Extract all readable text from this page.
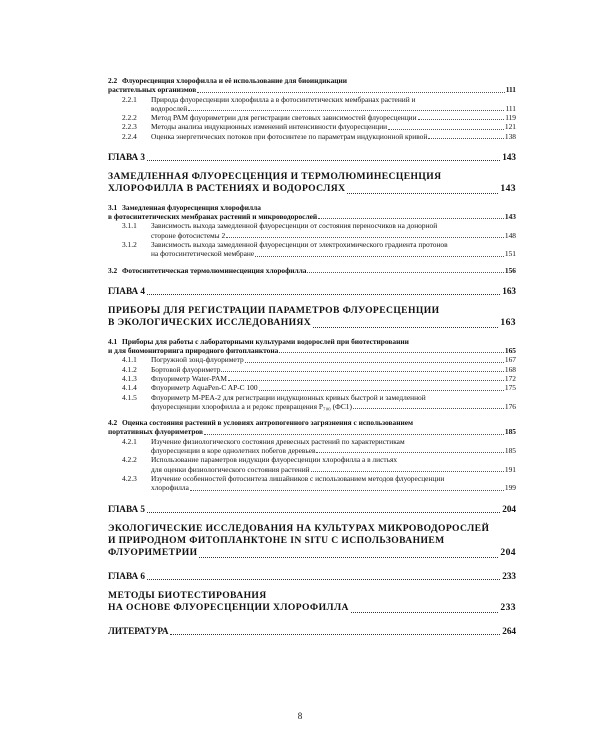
2.2 Флуоресценция хлорофилла и её использование для биоиндикации
растительных организмов	111
2.2.1 Природа флуоресценции хлорофилла a в фотосинтетических мембранах растений и
водорослей	111
2.2.2 Метод РАМ флуориметрии для регистрации световых зависимостей флуоресценции	119
2.2.3 Методы анализа индукционных изменений интенсивности флуоресценции	121
2.2.4 Оценка энергетических потоков при фотосинтезе по параметрам индукционной кривой	138
ГЛАВА 3	143
ЗАМЕДЛЕННАЯ ФЛУОРЕСЦЕНЦИЯ И ТЕРМОЛЮМИНЕСЦЕНЦИЯ
ХЛОРОФИЛЛА В РАСТЕНИЯХ И ВОДОРОСЛЯХ	143
3.1 Замедленная флуоресценция хлорофилла
в фотосинтетических мембранах растений и микроводорослей	143
3.1.1 Зависимость выхода замедленной флуоресценции от состояния переносчиков на донорной
стороне фотосистемы 2	148
3.1.2 Зависимость выхода замедленной флуоресценции от электрохимического градиента протонов
на фотосинтетической мембране	151
3.2 Фотосинтетическая термолюминесценция хлорофилла	156
ГЛАВА 4	163
ПРИБОРЫ ДЛЯ РЕГИСТРАЦИИ ПАРАМЕТРОВ ФЛУОРЕСЦЕНЦИИ
В ЭКОЛОГИЧЕСКИХ ИССЛЕДОВАНИЯХ	163
4.1 Приборы для работы с лабораторными культурами водорослей при биотестировании
и для биомониторинга природного фитопланктона	165
4.1.1 Погружной зонд-флуориметр	167
4.1.2 Бортовой флуориметр	168
4.1.3 Флуориметр Water-PAM	172
4.1.4 Флуориметр AquaPen-C AP-C 100	175
4.1.5 Флуориметр М-PEA-2 для регистрации индукционных кривых быстрой и замедленной
флуоресценции хлорофилла a и редокс превращения P₇₀₀ (ФС1)	176
4.2 Оценка состояния растений в условиях антропогенного загрязнения с использованием
портативных флуориметров	185
4.2.1 Изучение физиологического состояния древесных растений по характеристикам
флуоресценции в коре однолетних побегов деревьев	185
4.2.2 Использование параметров индукции флуоресценции хлорофилла a в листьях
для оценки физиологического состояния растений	191
4.2.3 Изучение особенностей фотосинтеза лишайников с использованием методов флуоресценции
хлорофилла	199
ГЛАВА 5	204
ЭКОЛОГИЧЕСКИЕ ИССЛЕДОВАНИЯ НА КУЛЬТУРАХ МИКРОВОДОРОСЛЕЙ
И ПРИРОДНОМ ФИТОПЛАНКТОНЕ IN SITU С ИСПОЛЬЗОВАНИЕМ
ФЛУОРИМЕТРИИ	204
ГЛАВА 6	233
МЕТОДЫ БИОТЕСТИРОВАНИЯ
НА ОСНОВЕ ФЛУОРЕСЦЕНЦИИ ХЛОРОФИЛЛА	233
ЛИТЕРАТУРА	264
8
